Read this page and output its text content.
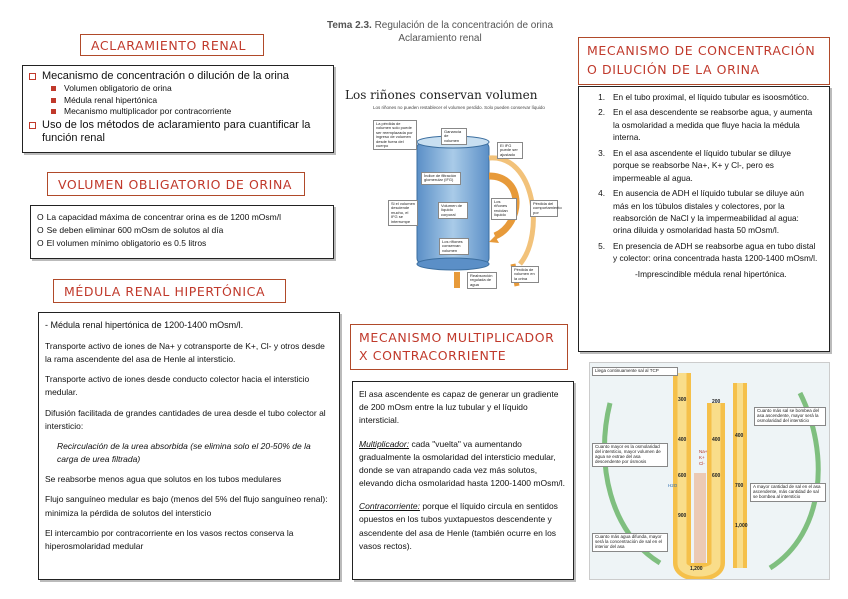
Tema 2.3. Regulación de la concentración de orina
Aclaramiento renal
ACLARAMIENTO RENAL
Mecanismo de concentración o dilución de la orina
Volumen obligatorio de orina
Médula renal hipertónica
Mecanismo multiplicador por contracorriente
Uso de los métodos de aclaramiento para cuantificar la función renal
VOLUMEN OBLIGATORIO DE ORINA
O La capacidad máxima de concentrar orina es de 1200 mOsm/l
O Se deben eliminar 600 mOsm de solutos al día
O El volumen mínimo obligatorio es 0.5 litros
MÉDULA RENAL HIPERTÓNICA
- Médula renal hipertónica de 1200-1400 mOsm/l.
Transporte activo de iones de Na+ y cotransporte de K+, Cl- y otros desde la rama ascendente del asa de Henle al intersticio.
Transporte activo de iones desde conducto colector hacia el intersticio medular.
Difusión facilitada de grandes cantidades de urea desde el tubo colector al intersticio:
Recirculación de la urea absorbida (se elimina solo el 20-50% de la carga de urea filtrada)
Se reabsorbe menos agua que solutos en los tubos medulares
Flujo sanguíneo medular es bajo (menos del 5% del flujo sanguíneo renal): minimiza la pérdida de solutos del intersticio
El intercambio por contracorriente en los vasos rectos conserva la hiperosmolaridad medular
Los riñones conservan volumen
Los riñones no pueden restablecer el volumen perdido. Solo pueden conservar líquido
La pérdida de volumen solo puede ser reemplazada por ingreso de volumen desde fuera del cuerpo
Ganancia de volumen
El IFG puede ser ajustado
Índice de filtración glomerular (IFG)
Si el volumen desciende mucho, el IFG se interrumpe
Volumen de líquido corporal
Los riñones reciclan líquido
Pérdida del comportamiento por
Los riñones conservan volumen
Reabsorción regulada de agua
Pérdida de volumen en la orina
MECANISMO MULTIPLICADOR X CONTRACORRIENTE
El asa ascendente es capaz de generar un gradiente de 200 mOsm entre la luz tubular y el líquido intersticial.
Multiplicador: cada "vuelta" va aumentando gradualmente la osmolaridad del intersticio medular, donde se van atrapando cada vez más solutos, elevando dicha osmolaridad hasta 1200-1400 mOsm/l.
Contracorriente: porque el líquido circula en sentidos opuestos en los tubos yuxtapuestos descendente y ascendente del asa de Henle (también ocurre en los vasos rectos).
MECANISMO DE CONCENTRACIÓN O DILUCIÓN DE LA ORINA
1. En el tubo proximal, el líquido tubular es isoosmótico.
2. En el asa descendente se reabsorbe agua, y aumenta la osmolaridad a medida que fluye hacia la médula interna.
3. En el asa ascendente el líquido tubular se diluye porque se reabsorbe Na+, K+ y Cl-, pero es impermeable al agua.
4. En ausencia de ADH el líquido tubular se diluye aún más en los túbulos distales y colectores, por la reabsorción de NaCl y la impermeabilidad al agua: orina diluida y osmolaridad hasta 50 mOsm/l.
5. En presencia de ADH se reabsorbe agua en tubo distal y colector: orina concentrada hasta 1200-1400 mOsm/l.
-Imprescindible médula renal hipertónica.
Llega continuamente sal al TCP
Cuanto más sal se bombea del asa ascendente, mayor será la osmolaridad del intersticio
Cuanto mayor es la osmolaridad del intersticio, mayor volumen de agua se extrae del asa descendente por ósmosis
A mayor cantidad de sal en el asa ascendente, más cantidad de sal se bombea al intersticio
Cuanto más agua difunda, mayor será la concentración de sal en el interior del asa
300
400
600	600
400
900
1,200
200
400
700
1,000
Na+
K+
Cl-
H2O
